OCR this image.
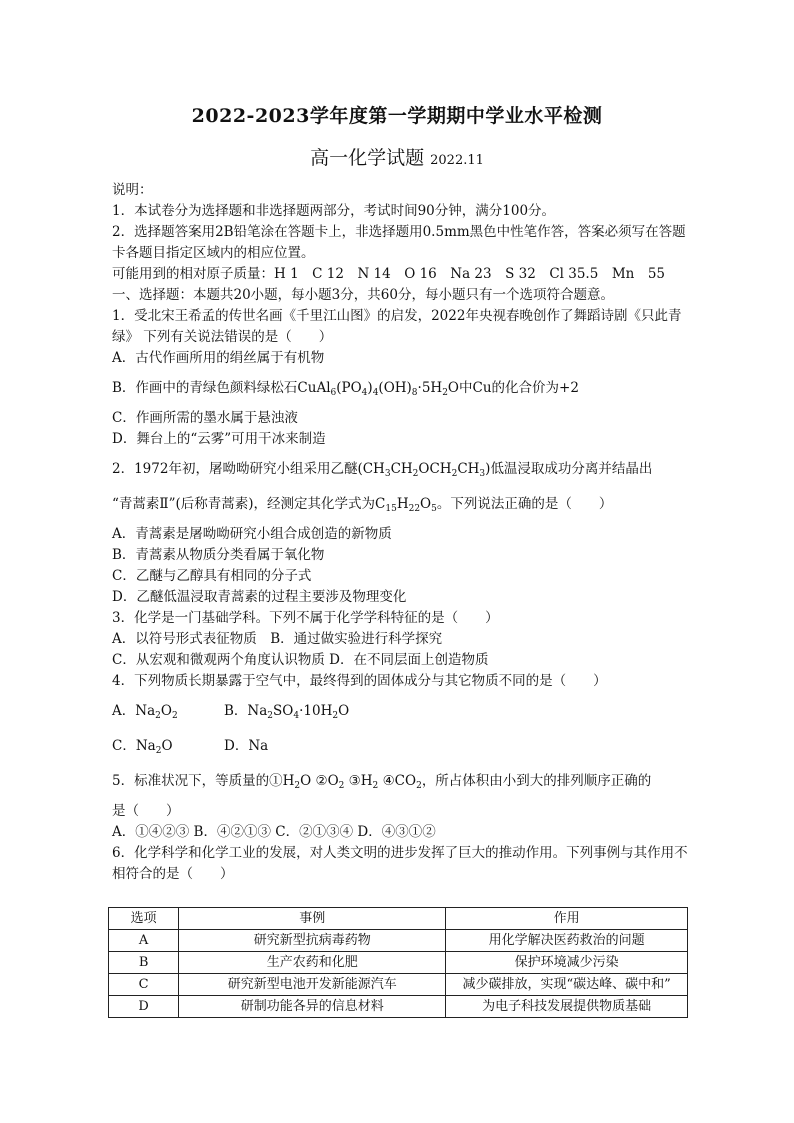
2022-2023学年度第一学期期中学业水平检测
高一化学试题 2022.11

说明：

1．本试卷分为选择题和非选择题两部分，考试时间90分钟，满分100分。

2．选择题答案用2B铅笔涂在答题卡上，非选择题用0.5mm黑色中性笔作答，答案必须写在答题卡各题目指定区域内的相应位置。

可能用到的相对原子质量：H 1　C 12　N 14　O 16　Na 23　S 32　Cl 35.5　Mn　55

一、选择题：本题共20小题，每小题3分，共60分，每小题只有一个选项符合题意。

1．受北宋王希孟的传世名画《千里江山图》的启发，2022年央视春晚创作了舞蹈诗剧《只此青绿》 下列有关说法错误的是（　　）

A．古代作画所用的绢丝属于有机物

B．作画中的青绿色颜料绿松石$CuAl_6(PO_4)_4(OH)_8\cdot 5H_2O$中Cu的化合价为+2

C．作画所需的墨水属于悬浊液

D．舞台上的“云雾”可用干冰来制造

2．1972年初，屠呦呦研究小组采用乙醚$(CH_3CH_2OCH_2CH_3)$低温浸取成功分离并结晶出

“青蒿素Ⅱ”(后称青蒿素)，经测定其化学式为$C_{15}H_{22}O_5$。下列说法正确的是（　　）

A．青蒿素是屠呦呦研究小组合成创造的新物质

B．青蒿素从物质分类看属于氧化物

C．乙醚与乙醇具有相同的分子式

D．乙醚低温浸取青蒿素的过程主要涉及物理变化

3．化学是一门基础学科。下列不属于化学学科特征的是（　　）

A．以符号形式表征物质　B．通过做实验进行科学探究

C．从宏观和微观两个角度认识物质 D．在不同层面上创造物质

4．下列物质长期暴露于空气中，最终得到的固体成分与其它物质不同的是（　　）

A．$Na_2O_2$	B．$Na_2SO_4\cdot 10H_2O$

C．$Na_2O$	D．Na

5．标准状况下，等质量的$①H_2O$ $②O_2$ $③H_2$ $④CO_2$，所占体积由小到大的排列顺序正确的

是（　　）

A．①④②③ B．④②①③ C．②①③④ D．④③①②

6．化学科学和化学工业的发展，对人类文明的进步发挥了巨大的推动作用。下列事例与其作用不相符合的是（　　）

选项	事例	作用
A	研究新型抗病毒药物	用化学解决医药救治的问题
B	生产农药和化肥	保护环境减少污染
C	研究新型电池开发新能源汽车	减少碳排放，实现“碳达峰、碳中和”
D	研制功能各异的信息材料	为电子科技发展提供物质基础
